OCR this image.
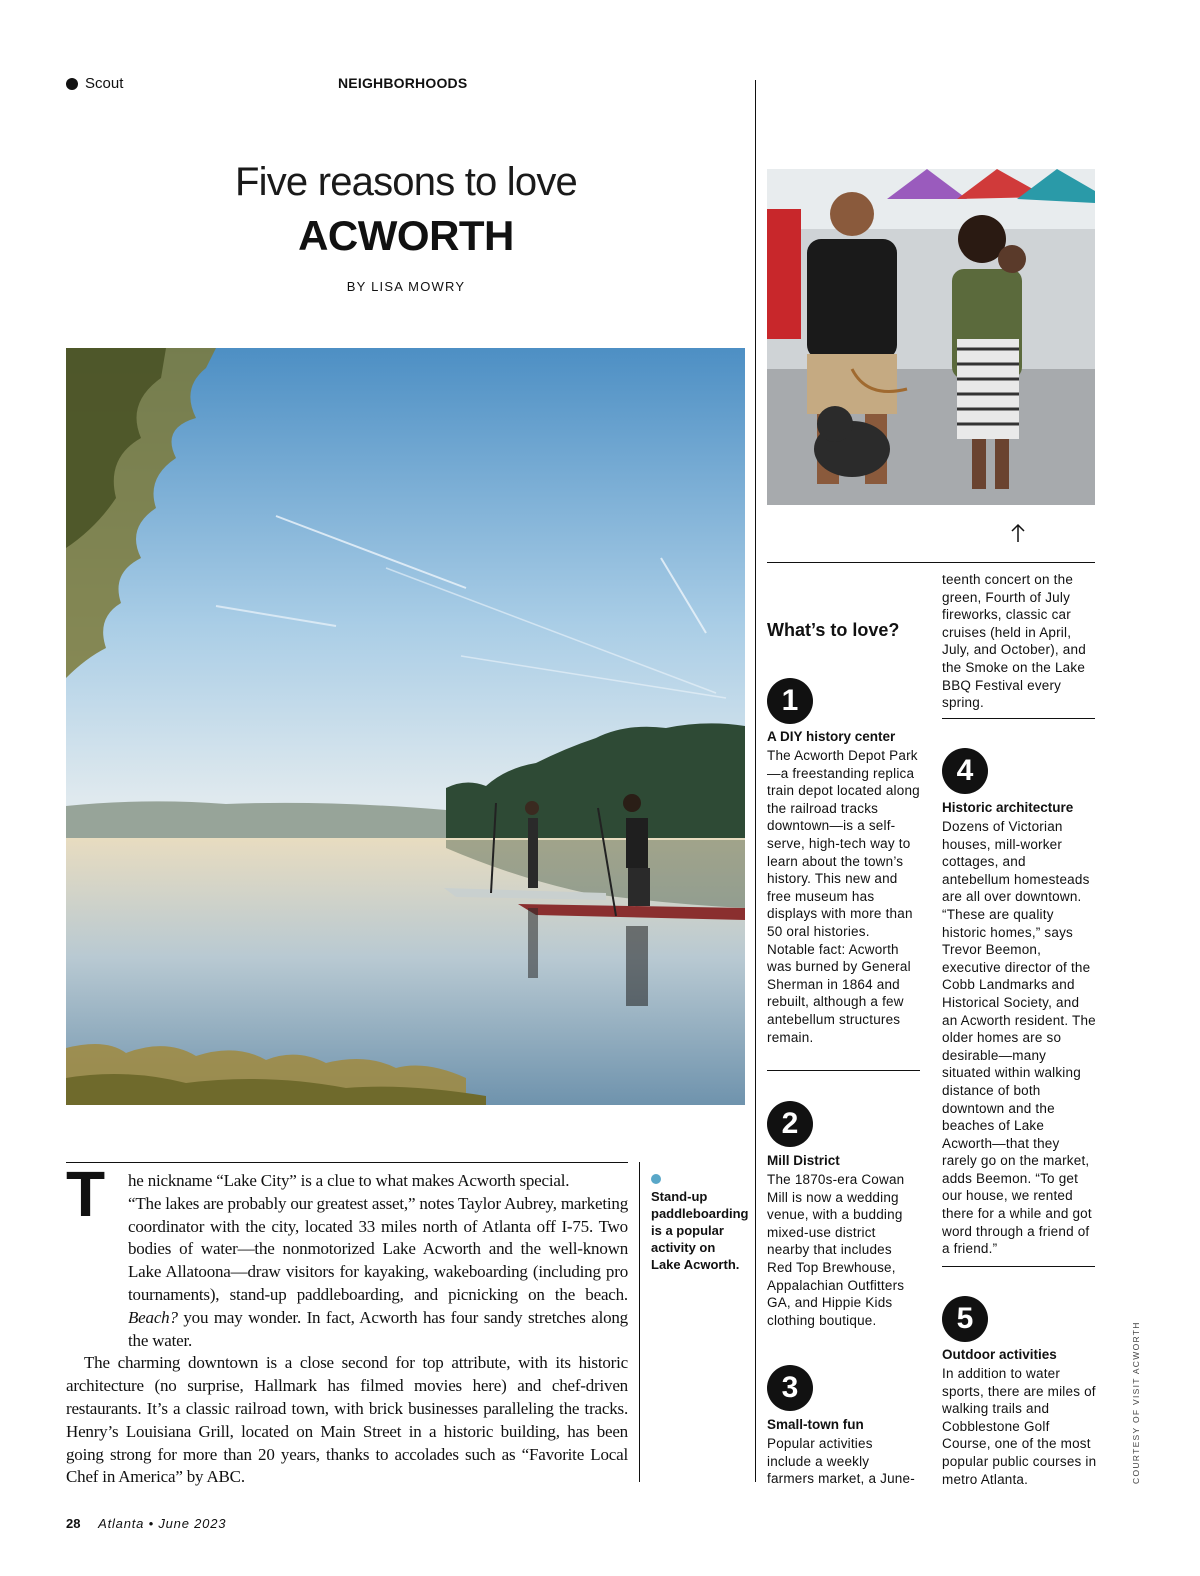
Scout	NEIGHBORHOODS
Five reasons to love
ACWORTH
BY LISA MOWRY
T	he nickname “Lake City” is a clue to what makes Acworth special.
“The lakes are probably our greatest asset,” notes Taylor Aubrey, marketing coordinator with the city, located 33 miles north of Atlanta off I-75. Two bodies of water—the nonmotorized Lake Acworth and the well-known Lake Allatoona—draw visitors for kayaking, wakeboarding (including pro tournaments), stand-up paddleboarding, and picnicking on the beach. Beach? you may wonder. In fact, Acworth has four sandy stretches along the water.

The charming downtown is a close second for top attribute, with its historic architecture (no surprise, Hallmark has filmed movies here) and chef-driven restaurants. It’s a classic railroad town, with brick businesses paralleling the tracks. Henry’s Louisiana Grill, located on Main Street in a historic building, has been going strong for more than 20 years, thanks to accolades such as “Favorite Local Chef in America” by ABC.

Stand-up paddleboarding is a popular activity on Lake Acworth.
What’s to love?
1
A DIY history center
The Acworth Depot Park—a freestanding replica train depot located along the railroad tracks downtown—is a self-serve, high-tech way to learn about the town’s history. This new and free museum has displays with more than 50 oral histories. Notable fact: Acworth was burned by General Sherman in 1864 and rebuilt, although a few antebellum structures remain.
2
Mill District
The 1870s-era Cowan Mill is now a wedding venue, with a budding mixed-use district nearby that includes Red Top Brewhouse, Appalachian Outfitters GA, and Hippie Kids clothing boutique.
3
Small-town fun
Popular activities include a weekly farmers market, a June-
teenth concert on the green, Fourth of July fireworks, classic car cruises (held in April, July, and October), and the Smoke on the Lake BBQ Festival every spring.
4
Historic architecture
Dozens of Victorian houses, mill-worker cottages, and antebellum homesteads are all over downtown. “These are quality historic homes,” says Trevor Beemon, executive director of the Cobb Landmarks and Historical Society, and an Acworth resident. The older homes are so desirable—many situated within walking distance of both downtown and the beaches of Lake Acworth—that they rarely go on the market, adds Beemon. “To get our house, we rented there for a while and got word through a friend of a friend.”
5
Outdoor activities
In addition to water sports, there are miles of walking trails and Cobblestone Golf Course, one of the most popular public courses in metro Atlanta.	COURTESY OF VISIT ACWORTH
28 Atlanta • June 2023
